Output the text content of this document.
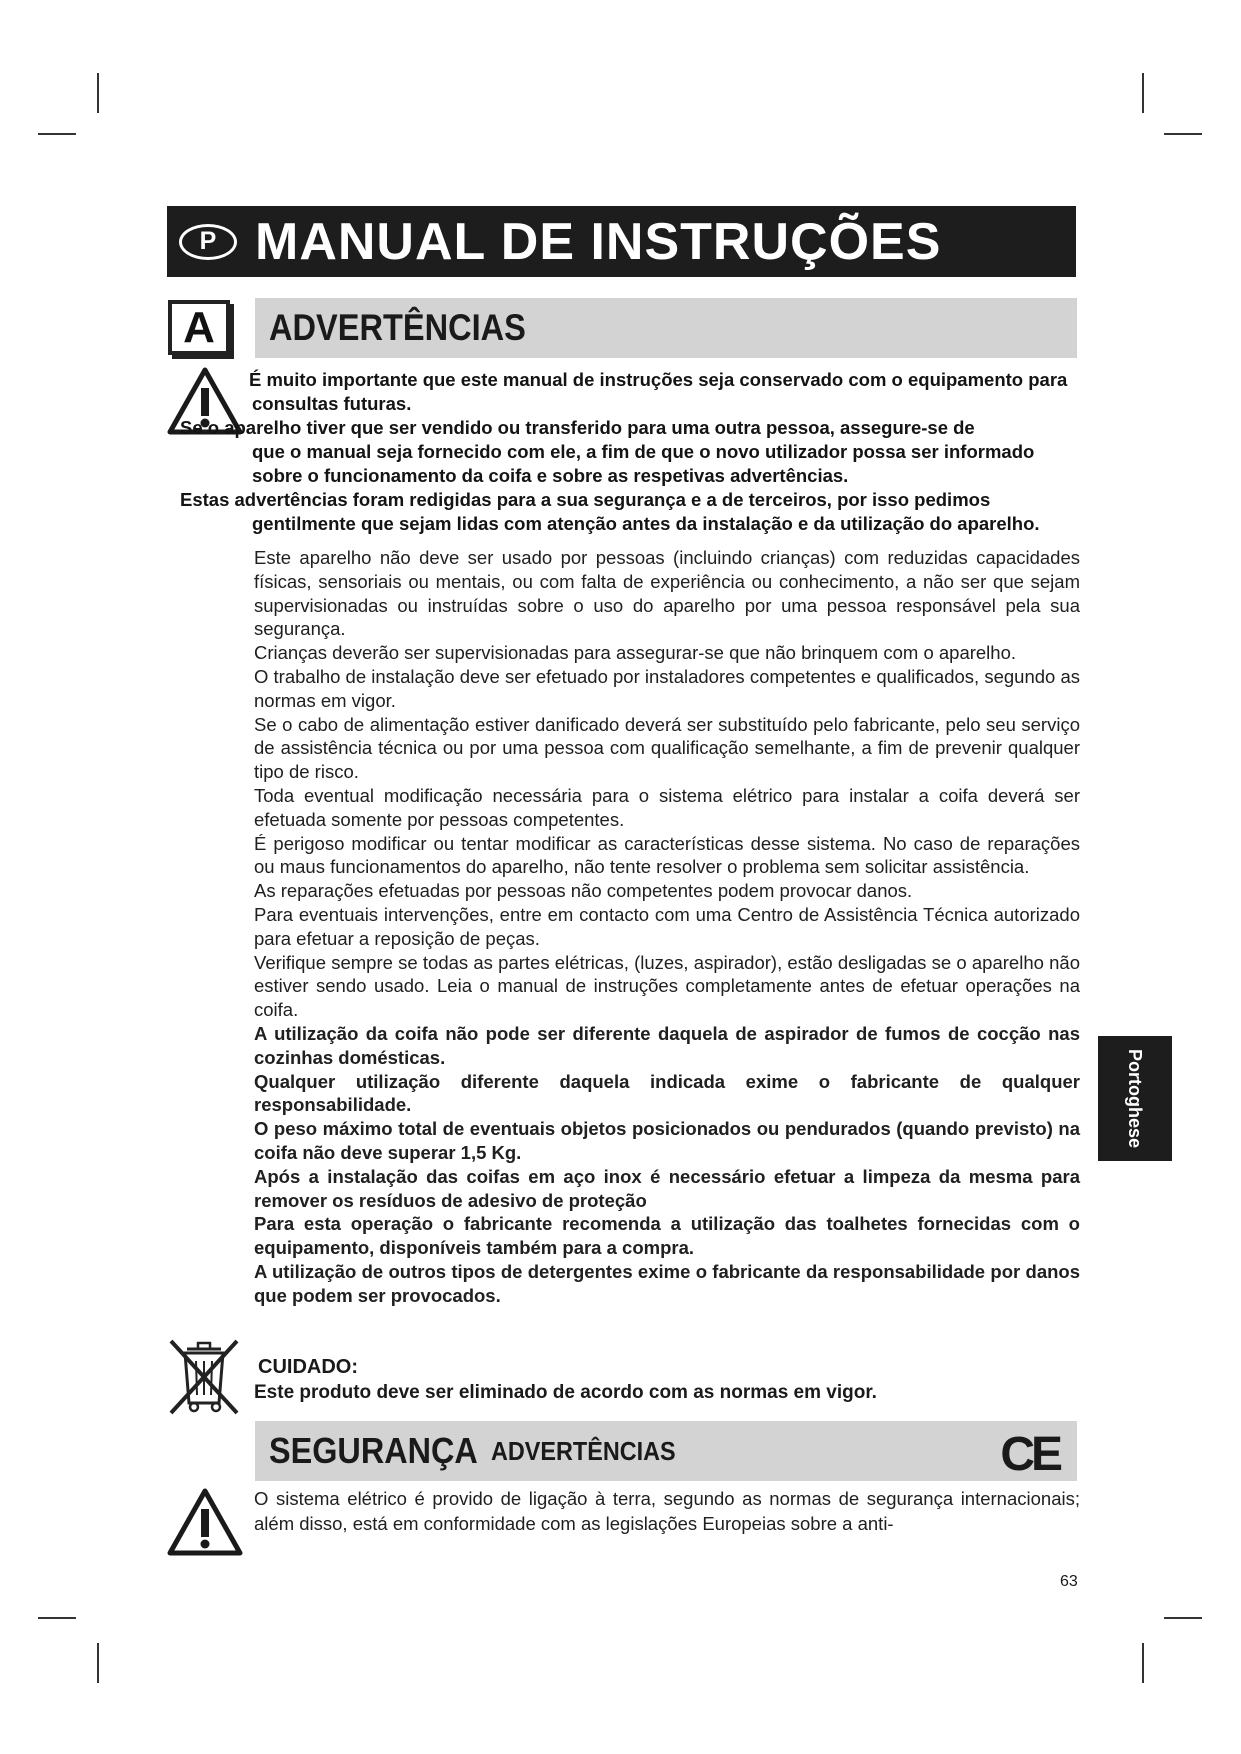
P MANUAL DE INSTRUÇÕES
A	ADVERTÊNCIAS
É muito importante que este manual de instruções seja conservado com o equipamento para
consultas futuras.
Se o aparelho tiver que ser vendido ou transferido para uma outra pessoa, assegure-se de
que o manual seja fornecido com ele, a fim de que o novo utilizador possa ser informado
sobre o funcionamento da coifa e sobre as respetivas advertências.
Estas advertências foram redigidas para a sua segurança e a de terceiros, por isso pedimos
gentilmente que sejam lidas com atenção antes da instalação e da utilização do aparelho.

Este aparelho não deve ser usado por pessoas (incluindo crianças) com reduzidas capacidades físicas, sensoriais ou mentais, ou com falta de experiência ou conhecimento, a não ser que sejam supervisionadas ou instruídas sobre o uso do aparelho por uma pessoa responsável pela sua segurança.

Crianças deverão ser supervisionadas para assegurar-se que não brinquem com o aparelho.

O trabalho de instalação deve ser efetuado por instaladores competentes e qualificados, segundo as normas em vigor.

Se o cabo de alimentação estiver danificado deverá ser substituído pelo fabricante, pelo seu serviço de assistência técnica ou por uma pessoa com qualificação semelhante, a fim de prevenir qualquer tipo de risco.

Toda eventual modificação necessária para o sistema elétrico para instalar a coifa deverá ser efetuada somente por pessoas competentes.

É perigoso modificar ou tentar modificar as características desse sistema. No caso de reparações ou maus funcionamentos do aparelho, não tente resolver o problema sem solicitar assistência.

As reparações efetuadas por pessoas não competentes podem provocar danos.

Para eventuais intervenções, entre em contacto com uma Centro de Assistência Técnica autorizado para efetuar a reposição de peças.

Verifique sempre se todas as partes elétricas, (luzes, aspirador), estão desligadas se o aparelho não estiver sendo usado. Leia o manual de instruções completamente antes de efetuar operações na coifa.

A utilização da coifa não pode ser diferente daquela de aspirador de fumos de cocção nas cozinhas domésticas.

Qualquer utilização diferente daquela indicada exime o fabricante de qualquer responsabilidade.

O peso máximo total de eventuais objetos posicionados ou pendurados (quando previsto) na coifa não deve superar 1,5 Kg.

Após a instalação das coifas em aço inox é necessário efetuar a limpeza da mesma para remover os resíduos de adesivo de proteção

Para esta operação o fabricante recomenda a utilização das toalhetes fornecidas com o equipamento, disponíveis também para a compra.

A utilização de outros tipos de detergentes exime o fabricante da responsabilidade por danos que podem ser provocados.

Portoghese
CUIDADO:
Este produto deve ser eliminado de acordo com as normas em vigor.
SEGURANÇA ADVERTÊNCIAS	CE
O sistema elétrico é provido de ligação à terra, segundo as normas de segurança internacionais; além disso, está em conformidade com as legislações Europeias sobre a anti-
63
